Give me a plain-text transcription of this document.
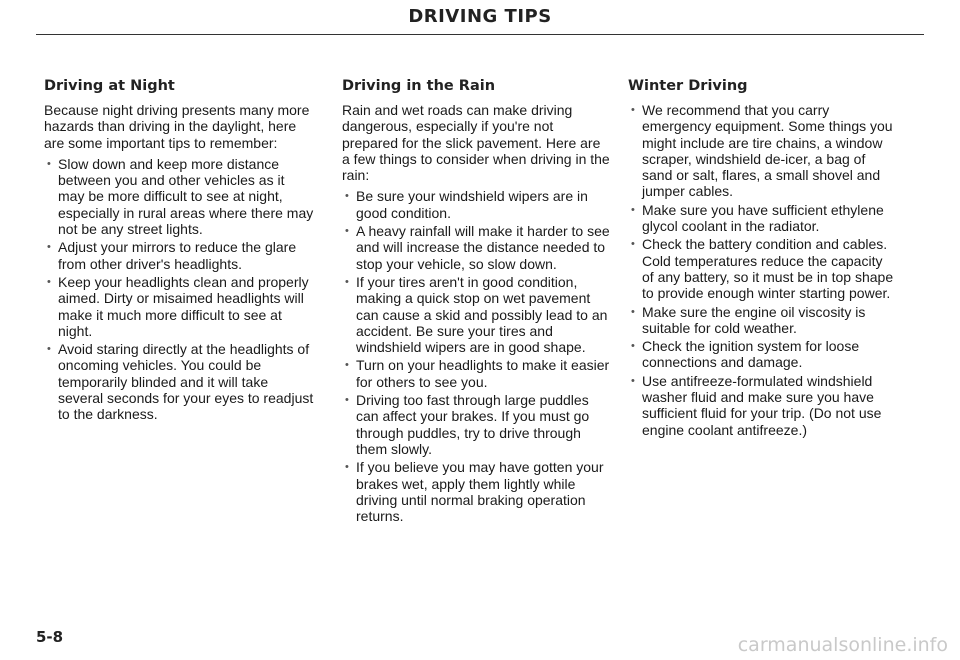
DRIVING TIPS
Driving at Night

Because night driving presents many more hazards than driving in the daylight, here are some important tips to remember:

• Slow down and keep more distance between you and other vehicles as it may be more difficult to see at night, especially in rural areas where there may not be any street lights.
• Adjust your mirrors to reduce the glare from other driver's headlights.
• Keep your headlights clean and properly aimed. Dirty or misaimed headlights will make it much more difficult to see at night.
• Avoid staring directly at the headlights of oncoming vehicles. You could be temporarily blinded and it will take several seconds for your eyes to readjust to the darkness.
Driving in the Rain

Rain and wet roads can make driving dangerous, especially if you're not prepared for the slick pavement. Here are a few things to consider when driving in the rain:

• Be sure your windshield wipers are in good condition.
• A heavy rainfall will make it harder to see and will increase the distance needed to stop your vehicle, so slow down.
• If your tires aren't in good condition, making a quick stop on wet pavement can cause a skid and possibly lead to an accident. Be sure your tires and windshield wipers are in good shape.
• Turn on your headlights to make it easier for others to see you.
• Driving too fast through large puddles can affect your brakes. If you must go through puddles, try to drive through them slowly.
• If you believe you may have gotten your brakes wet, apply them lightly while driving until normal braking operation returns.
Winter Driving
• We recommend that you carry emergency equipment. Some things you might include are tire chains, a window scraper, windshield de-icer, a bag of sand or salt, flares, a small shovel and jumper cables.
• Make sure you have sufficient ethylene glycol coolant in the radiator.
• Check the battery condition and cables. Cold temperatures reduce the capacity of any battery, so it must be in top shape to provide enough winter starting power.
• Make sure the engine oil viscosity is suitable for cold weather.
• Check the ignition system for loose connections and damage.
• Use antifreeze-formulated windshield washer fluid and make sure you have sufficient fluid for your trip. (Do not use engine coolant antifreeze.)
5-8	carmanualsonline.info
